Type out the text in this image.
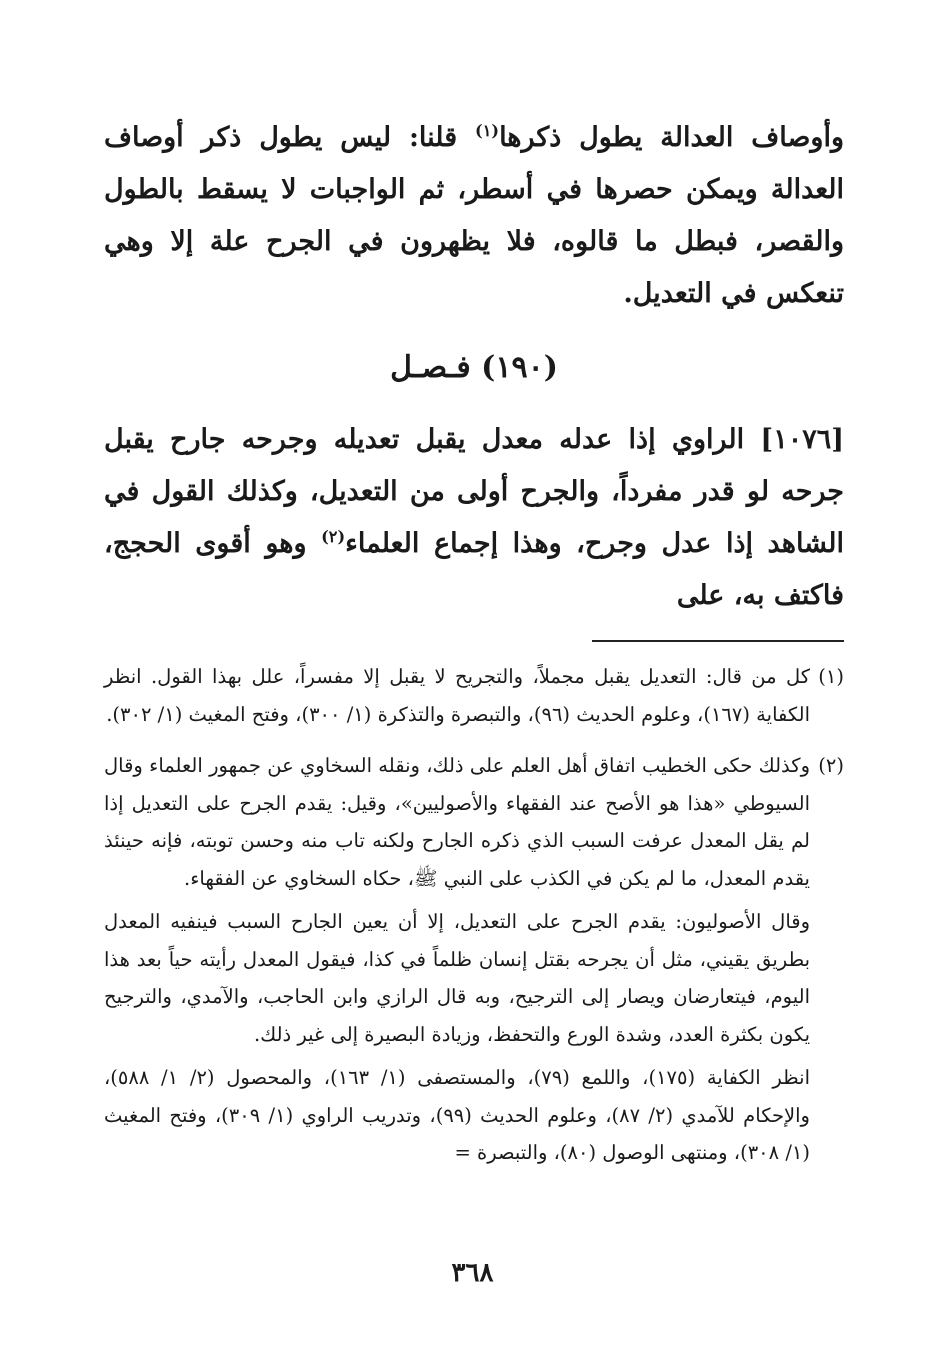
وأوصاف العدالة يطول ذكرها$^{(١)}$ قلنا: ليس يطول ذكر أوصاف العدالة ويمكن حصرها في أسطر، ثم الواجبات لا يسقط بالطول والقصر، فبطل ما قالوه، فلا يظهرون في الجرح علة إلا وهي تنعكس في التعديل.

(١٩٠) فـصـل

[١٠٧٦] الراوي إذا عدله معدل يقبل تعديله وجرحه جارح يقبل جرحه لو قدر مفرداً، والجرح أولى من التعديل، وكذلك القول في الشاهد إذا عدل وجرح، وهذا إجماع العلماء$^{(٢)}$ وهو أقوى الحجج، فاكتف به، على

(١)

كل من قال: التعديل يقبل مجملاً، والتجريح لا يقبل إلا مفسراً، علل بهذا القول. انظر الكفاية (١٦٧)، وعلوم الحديث (٩٦)، والتبصرة والتذكرة (١/ ٣٠٠)، وفتح المغيث (١/ ٣٠٢).

(٢)

وكذلك حكى الخطيب اتفاق أهل العلم على ذلك، ونقله السخاوي عن جمهور العلماء وقال السيوطي «هذا هو الأصح عند الفقهاء والأصوليين»، وقيل: يقدم الجرح على التعديل إذا لم يقل المعدل عرفت السبب الذي ذكره الجارح ولكنه تاب منه وحسن توبته، فإنه حينئذ يقدم المعدل، ما لم يكن في الكذب على النبي ﷺ، حكاه السخاوي عن الفقهاء.

وقال الأصوليون: يقدم الجرح على التعديل، إلا أن يعين الجارح السبب فينفيه المعدل بطريق يقيني، مثل أن يجرحه بقتل إنسان ظلماً في كذا، فيقول المعدل رأيته حياً بعد هذا اليوم، فيتعارضان ويصار إلى الترجيح، وبه قال الرازي وابن الحاجب، والآمدي، والترجيح يكون بكثرة العدد، وشدة الورع والتحفظ، وزيادة البصيرة إلى غير ذلك.

انظر الكفاية (١٧٥)، واللمع (٧٩)، والمستصفى (١/ ١٦٣)، والمحصول (٢/ ١/ ٥٨٨)، والإحكام للآمدي (٢/ ٨٧)، وعلوم الحديث (٩٩)، وتدريب الراوي (١/ ٣٠٩)، وفتح المغيث (١/ ٣٠٨)، ومنتهى الوصول (٨٠)، والتبصرة =

٣٦٨
